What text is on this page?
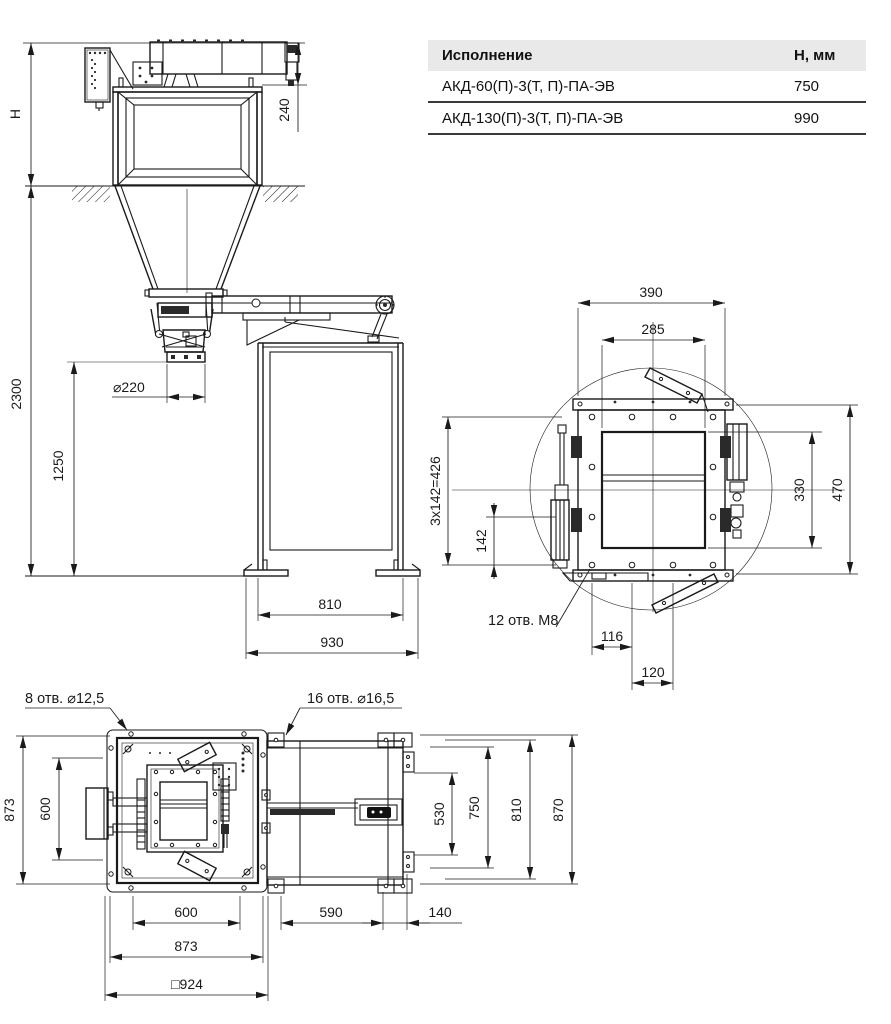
Исполнение	Н, мм
АКД-60(П)-3(Т, П)-ПА-ЭВ	750
АКД-130(П)-3(Т, П)-ПА-ЭВ	990
Н	240
2300
1250
⌀220
810
930
390
285
330 470
3x142=426
142
116
120
12 отв. М8
873 600	530 750 810 870
600
873
□924
590	140
8 отв. ⌀12,5	16 отв. ⌀16,5
